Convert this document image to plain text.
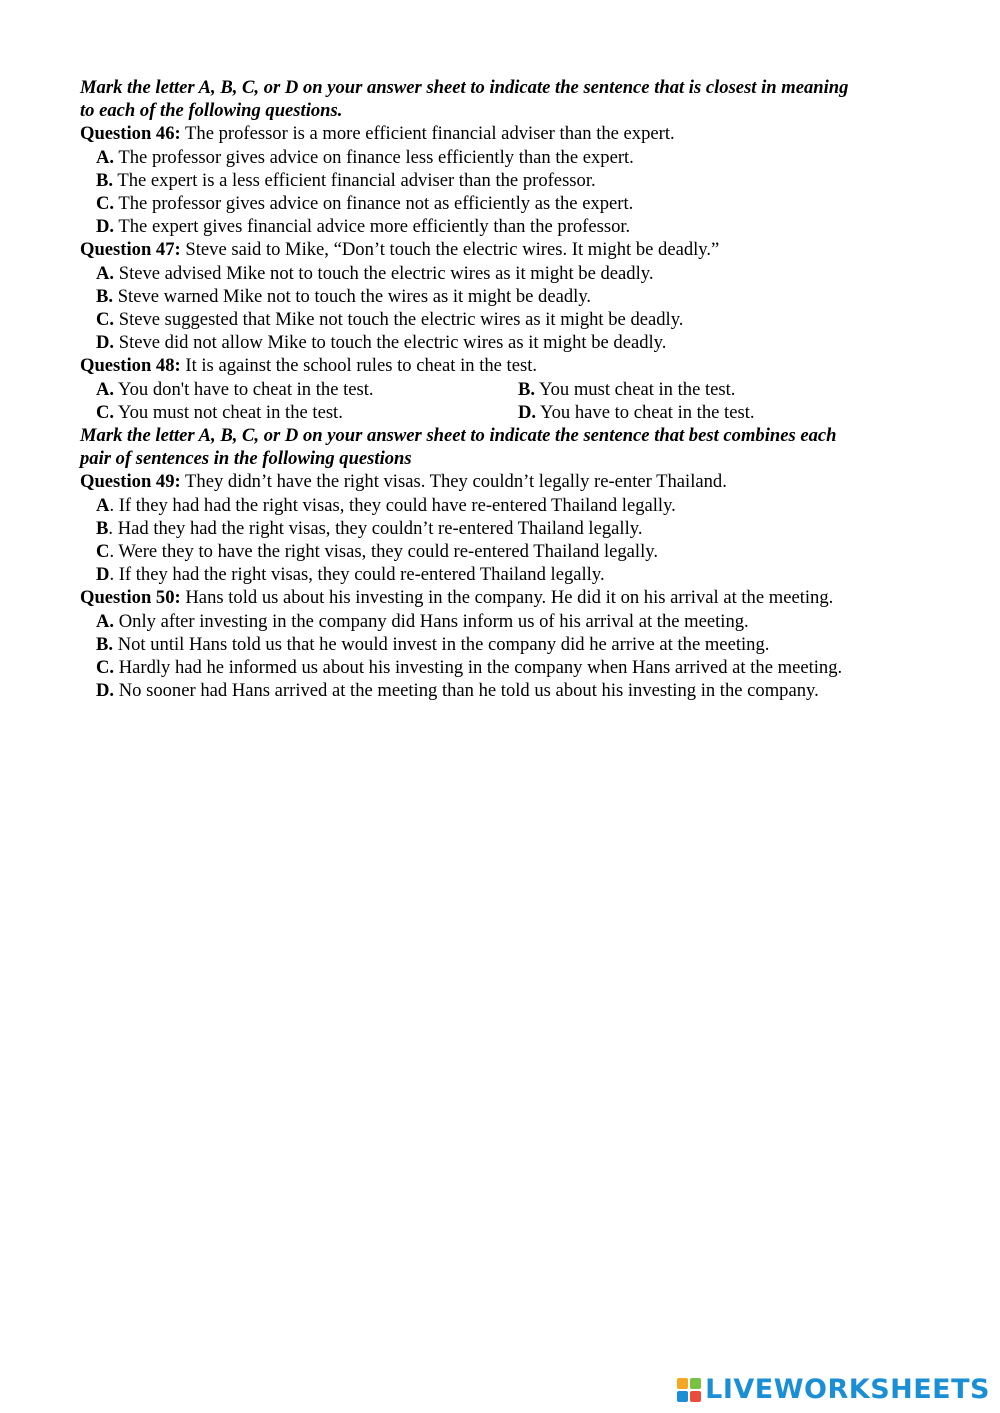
Mark the letter A, B, C, or D on your answer sheet to indicate the sentence that is closest in meaning
to each of the following questions.
Question 46: The professor is a more efficient financial adviser than the expert.
A. The professor gives advice on finance less efficiently than the expert.
B. The expert is a less efficient financial adviser than the professor.
C. The professor gives advice on finance not as efficiently as the expert.
D. The expert gives financial advice more efficiently than the professor.
Question 47: Steve said to Mike, “Don’t touch the electric wires. It might be deadly.”
A. Steve advised Mike not to touch the electric wires as it might be deadly.
B. Steve warned Mike not to touch the wires as it might be deadly.
C. Steve suggested that Mike not touch the electric wires as it might be deadly.
D. Steve did not allow Mike to touch the electric wires as it might be deadly.
Question 48: It is against the school rules to cheat in the test.
A. You don't have to cheat in the test.	B. You must cheat in the test.
C. You must not cheat in the test.	D. You have to cheat in the test.
Mark the letter A, B, C, or D on your answer sheet to indicate the sentence that best combines each
pair of sentences in the following questions
Question 49: They didn’t have the right visas. They couldn’t legally re-enter Thailand.
A. If they had had the right visas, they could have re-entered Thailand legally.
B. Had they had the right visas, they couldn’t re-entered Thailand legally.
C. Were they to have the right visas, they could re-entered Thailand legally.
D. If they had the right visas, they could re-entered Thailand legally.
Question 50: Hans told us about his investing in the company. He did it on his arrival at the meeting.
A. Only after investing in the company did Hans inform us of his arrival at the meeting.
B. Not until Hans told us that he would invest in the company did he arrive at the meeting.
C. Hardly had he informed us about his investing in the company when Hans arrived at the meeting.
D. No sooner had Hans arrived at the meeting than he told us about his investing in the company.
LIVEWORKSHEETS
